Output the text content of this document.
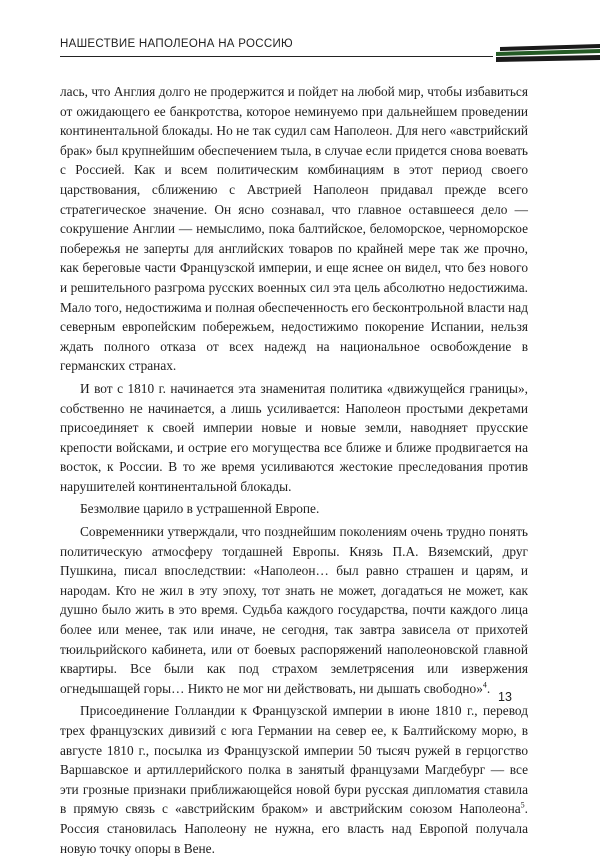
НАШЕСТВИЕ НАПОЛЕОНА НА РОССИЮ

лась, что Англия долго не продержится и пойдет на любой мир, чтобы избавиться от ожидающего ее банкротства, которое неминуемо при дальнейшем проведении континентальной блокады. Но не так судил сам Наполеон. Для него «австрийский брак» был крупнейшим обеспечением тыла, в случае если придется снова воевать с Россией. Как и всем политическим комбинациям в этот период своего царствования, сближению с Австрией Наполеон придавал прежде всего стратегическое значение. Он ясно сознавал, что главное оставшееся дело — сокрушение Англии — немыслимо, пока балтийское, беломорское, черноморское побережья не заперты для английских товаров по крайней мере так же прочно, как береговые части Французской империи, и еще яснее он видел, что без нового и решительного разгрома русских военных сил эта цель абсолютно недостижима. Мало того, недостижима и полная обеспеченность его бесконтрольной власти над северным европейским побережьем, недостижимо покорение Испании, нельзя ждать полного отказа от всех надежд на национальное освобождение в германских странах.

И вот с 1810 г. начинается эта знаменитая политика «движущейся границы», собственно не начинается, а лишь усиливается: Наполеон простыми декретами присоединяет к своей империи новые и новые земли, наводняет прусские крепости войсками, и острие его могущества все ближе и ближе продвигается на восток, к России. В то же время усиливаются жестокие преследования против нарушителей континентальной блокады.

Безмолвие царило в устрашенной Европе.

Современники утверждали, что позднейшим поколениям очень трудно понять политическую атмосферу тогдашней Европы. Князь П.А. Вяземский, друг Пушкина, писал впоследствии: «Наполеон… был равно страшен и царям, и народам. Кто не жил в эту эпоху, тот знать не может, догадаться не может, как душно было жить в это время. Судьба каждого государства, почти каждого лица более или менее, так или иначе, не сегодня, так завтра зависела от прихотей тюильрийского кабинета, или от боевых распоряжений наполеоновской главной квартиры. Все были как под страхом землетрясения или извержения огнедышащей горы… Никто не мог ни действовать, ни дышать свободно»$^4$.

Присоединение Голландии к Французской империи в июне 1810 г., перевод трех французских дивизий с юга Германии на север ее, к Балтийскому морю, в августе 1810 г., посылка из Французской империи 50 тысяч ружей в герцогство Варшавское и артиллерийского полка в занятый французами Магдебург — все эти грозные признаки приближающейся новой бури русская дипломатия ставила в прямую связь с «австрийским браком» и австрийским союзом Наполеона$^5$. Россия становилась Наполеону не нужна, его власть над Европой получала новую точку опоры в Вене.

13
